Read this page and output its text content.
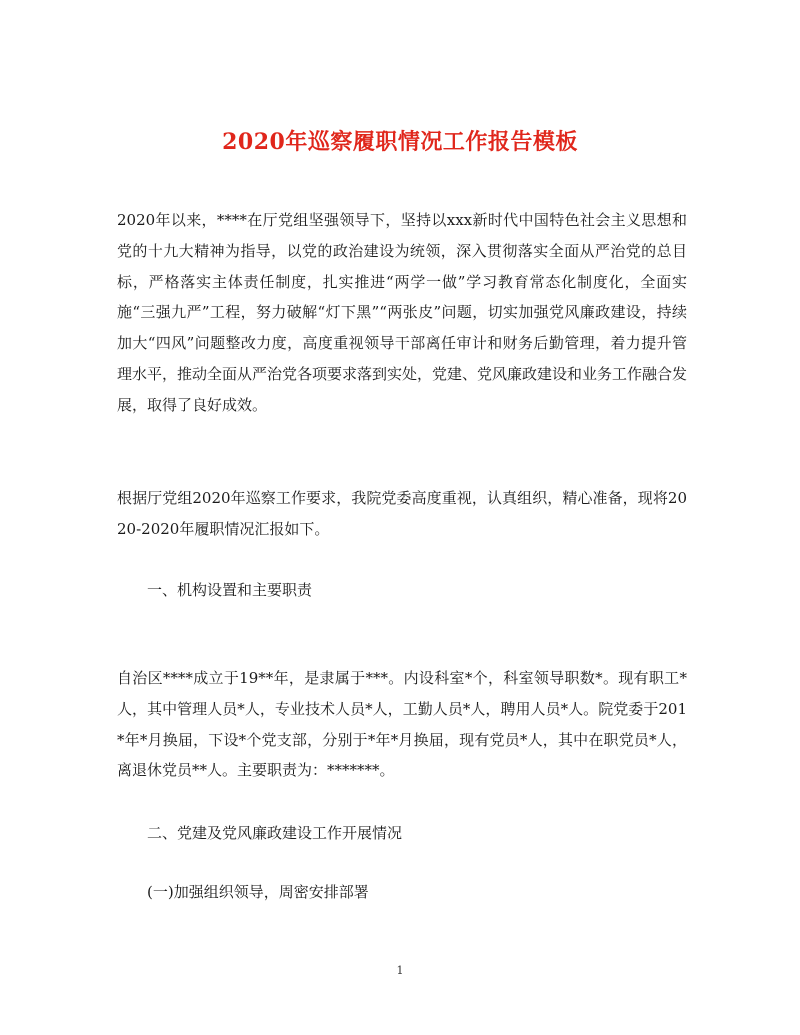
2020年巡察履职情况工作报告模板

2020年以来，****在厅党组坚强领导下，坚持以xxx新时代中国特色社会主义思想和党的十九大精神为指导，以党的政治建设为统领，深入贯彻落实全面从严治党的总目标，严格落实主体责任制度，扎实推进“两学一做”学习教育常态化制度化，全面实施“三强九严”工程，努力破解“灯下黑”“两张皮”问题，切实加强党风廉政建设，持续加大“四风”问题整改力度，高度重视领导干部离任审计和财务后勤管理，着力提升管理水平，推动全面从严治党各项要求落到实处，党建、党风廉政建设和业务工作融合发展，取得了良好成效。

根据厅党组2020年巡察工作要求，我院党委高度重视，认真组织，精心准备，现将2020-2020年履职情况汇报如下。

一、机构设置和主要职责

自治区****成立于19**年，是隶属于***。内设科室*个，科室领导职数*。现有职工*人，其中管理人员*人，专业技术人员*人，工勤人员*人，聘用人员*人。院党委于201*年*月换届，下设*个党支部，分别于*年*月换届，现有党员*人，其中在职党员*人，离退休党员**人。主要职责为：*******。

二、党建及党风廉政建设工作开展情况

(一)加强组织领导，周密安排部署

1
